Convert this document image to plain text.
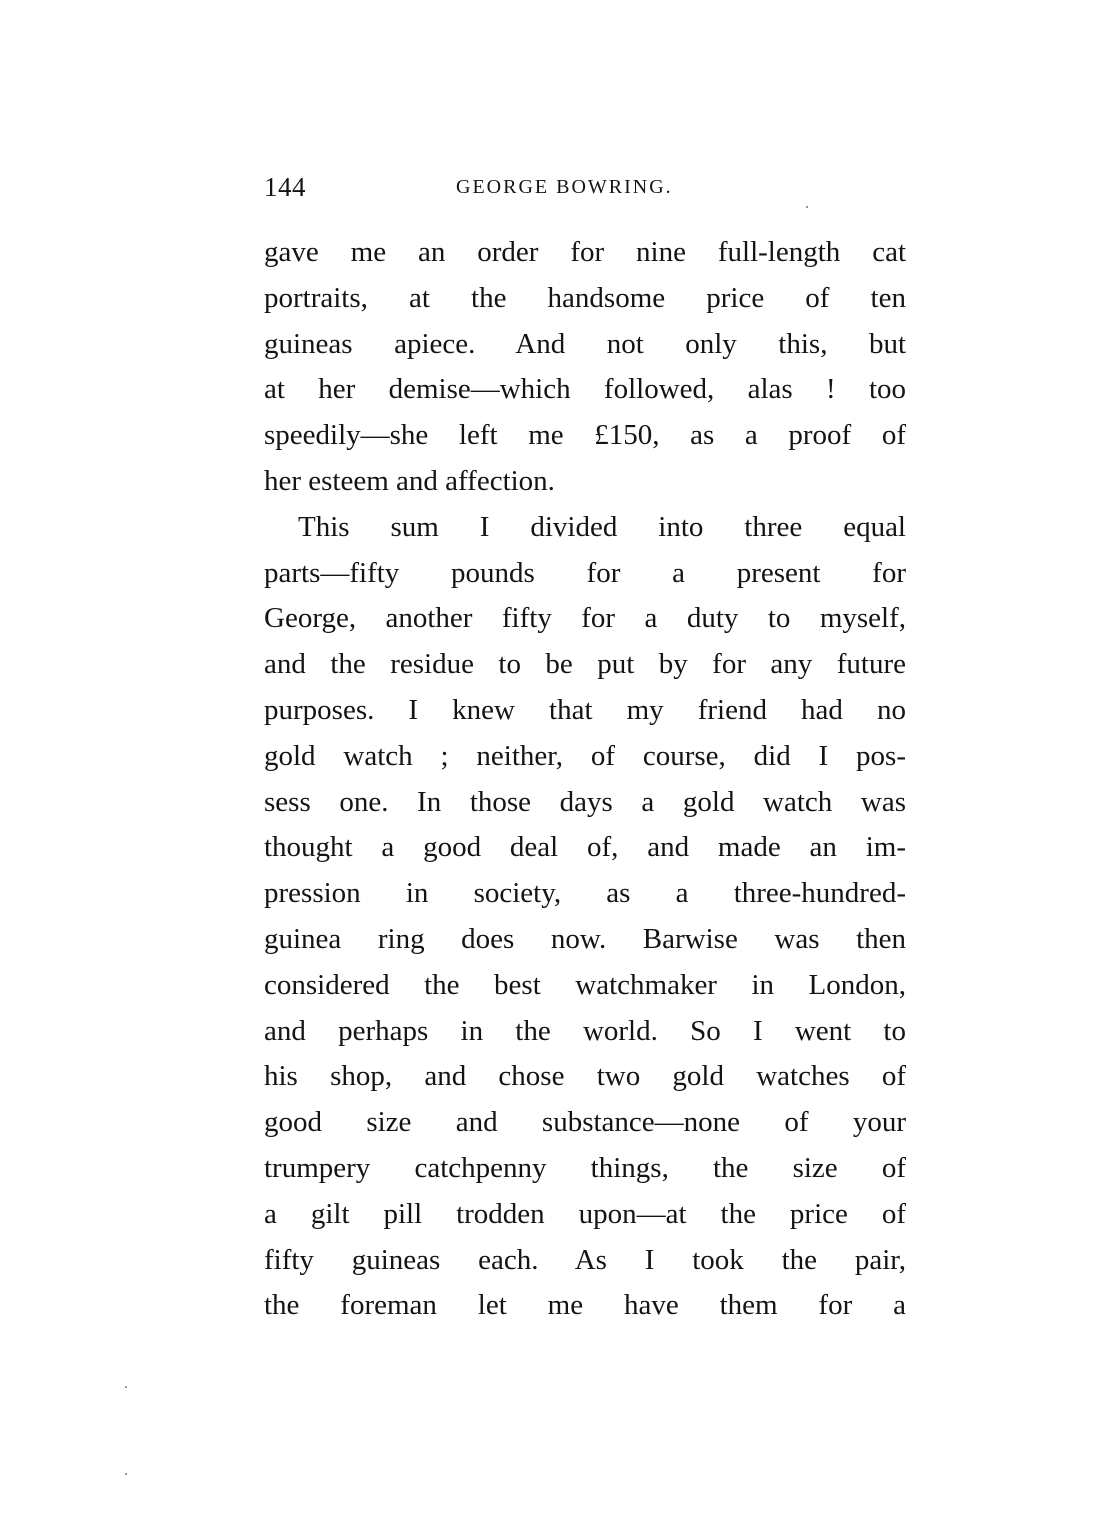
144	GEORGE BOWRING.
gave me an order for nine full-length cat
portraits, at the handsome price of ten
guineas apiece. And not only this, but
at her demise—which followed, alas ! too
speedily—she left me £150, as a proof of
her esteem and affection.
This sum I divided into three equal
parts—fifty pounds for a present for
George, another fifty for a duty to myself,
and the residue to be put by for any future
purposes. I knew that my friend had no
gold watch ; neither, of course, did I pos-
sess one. In those days a gold watch was
thought a good deal of, and made an im-
pression in society, as a three-hundred-
guinea ring does now. Barwise was then
considered the best watchmaker in London,
and perhaps in the world. So I went to
his shop, and chose two gold watches of
good size and substance—none of your
trumpery catchpenny things, the size of
a gilt pill trodden upon—at the price of
fifty guineas each. As I took the pair,
the foreman let me have them for a
